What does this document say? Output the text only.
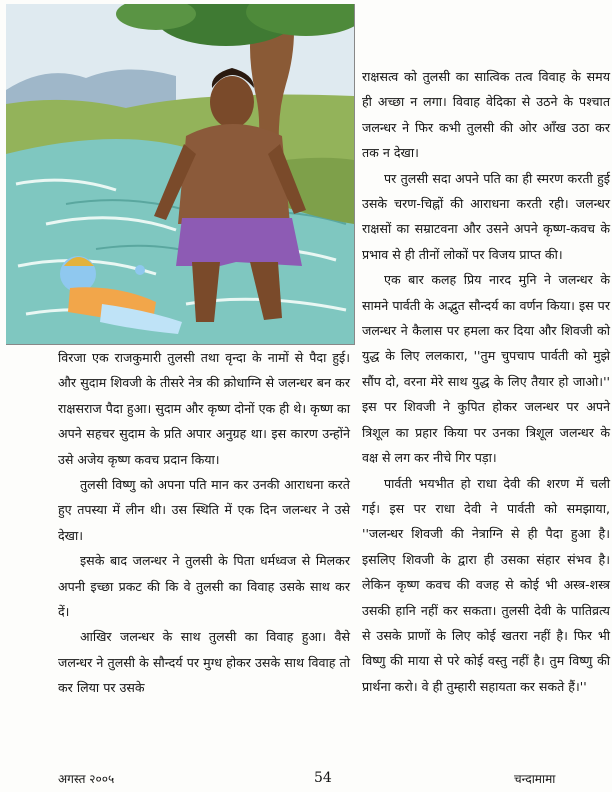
विरजा एक राजकुमारी तुलसी तथा वृन्दा के नामों से पैदा हुई। और सुदाम शिवजी के तीसरे नेत्र की क्रोधाग्नि से जलन्धर बन कर राक्षसराज पैदा हुआ। सुदाम और कृष्ण दोनों एक ही थे। कृष्ण का अपने सहचर सुदाम के प्रति अपार अनुग्रह था। इस कारण उन्होंने उसे अजेय कृष्ण कवच प्रदान किया।

तुलसी विष्णु को अपना पति मान कर उनकी आराधना करते हुए तपस्या में लीन थी। उस स्थिति में एक दिन जलन्धर ने उसे देखा।

इसके बाद जलन्धर ने तुलसी के पिता धर्मध्वज से मिलकर अपनी इच्छा प्रकट की कि वे तुलसी का विवाह उसके साथ कर दें।

आखिर जलन्धर के साथ तुलसी का विवाह हुआ। वैसे जलन्धर ने तुलसी के सौन्दर्य पर मुग्ध होकर उसके साथ विवाह तो कर लिया पर उसके

राक्षसत्व को तुलसी का सात्विक तत्व विवाह के समय ही अच्छा न लगा। विवाह वेदिका से उठने के पश्चात जलन्धर ने फिर कभी तुलसी की ओर आँख उठा कर तक न देखा।

पर तुलसी सदा अपने पति का ही स्मरण करती हुई उसके चरण-चिह्नों की आराधना करती रही। जलन्धर राक्षसों का सम्राटवना और उसने अपने कृष्ण-कवच के प्रभाव से ही तीनों लोकों पर विजय प्राप्त की।

एक बार कलह प्रिय नारद मुनि ने जलन्धर के सामने पार्वती के अद्भुत सौन्दर्य का वर्णन किया। इस पर जलन्धर ने कैलास पर हमला कर दिया और शिवजी को युद्ध के लिए ललकारा, ''तुम चुपचाप पार्वती को मुझे सौंप दो, वरना मेरे साथ युद्ध के लिए तैयार हो जाओ।'' इस पर शिवजी ने कुपित होकर जलन्धर पर अपने त्रिशूल का प्रहार किया पर उनका त्रिशूल जलन्धर के वक्ष से लग कर नीचे गिर पड़ा।

पार्वती भयभीत हो राधा देवी की शरण में चली गई। इस पर राधा देवी ने पार्वती को समझाया, ''जलन्धर शिवजी की नेत्राग्नि से ही पैदा हुआ है। इसलिए शिवजी के द्वारा ही उसका संहार संभव है। लेकिन कृष्ण कवच की वजह से कोई भी अस्त्र-शस्त्र उसकी हानि नहीं कर सकता। तुलसी देवी के पातिव्रत्य से उसके प्राणों के लिए कोई खतरा नहीं है। फिर भी विष्णु की माया से परे कोई वस्तु नहीं है। तुम विष्णु की प्रार्थना करो। वे ही तुम्हारी सहायता कर सकते हैं।''

अगस्त २००५	54	चन्दामामा
